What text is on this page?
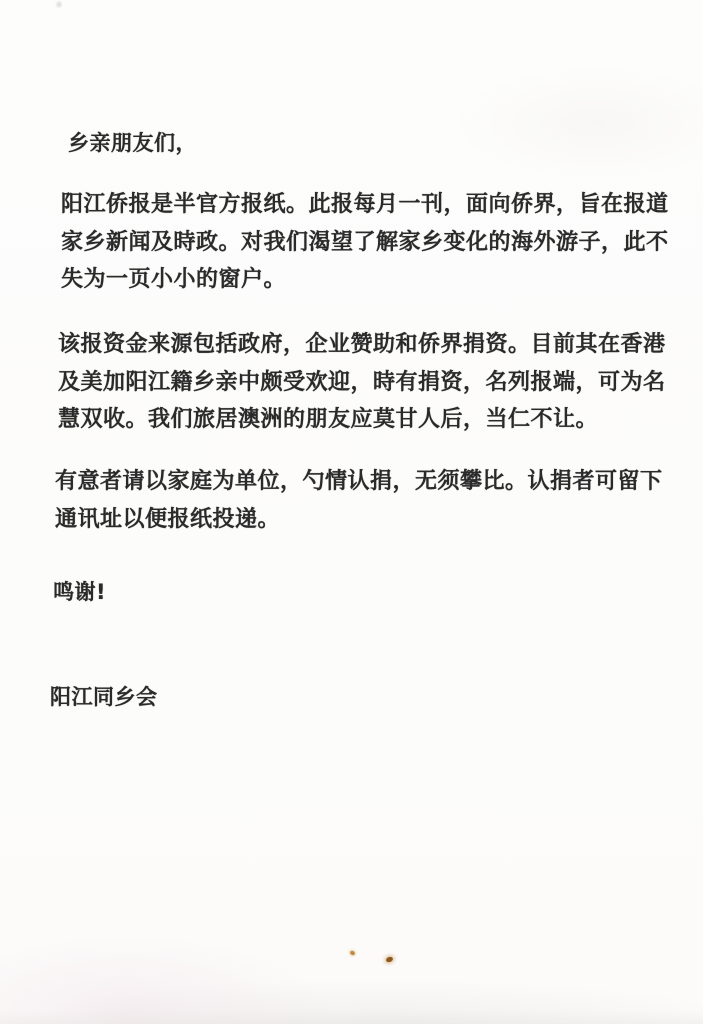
乡亲朋友们，
阳江侨报是半官方报纸。此报每月一刊，面向侨界，旨在报道
家乡新闻及時政。对我们渴望了解家乡变化的海外游子，此不
失为一页小小的窗户。
该报资金来源包括政府，企业赞助和侨界捐资。目前其在香港
及美加阳江籍乡亲中颇受欢迎，時有捐资，名列报端，可为名
慧双收。我们旅居澳洲的朋友应莫甘人后，当仁不让。
有意者请以家庭为单位，勺情认捐，无须攀比。认捐者可留下
通讯址以便报纸投递。
鸣谢!
阳江同乡会
